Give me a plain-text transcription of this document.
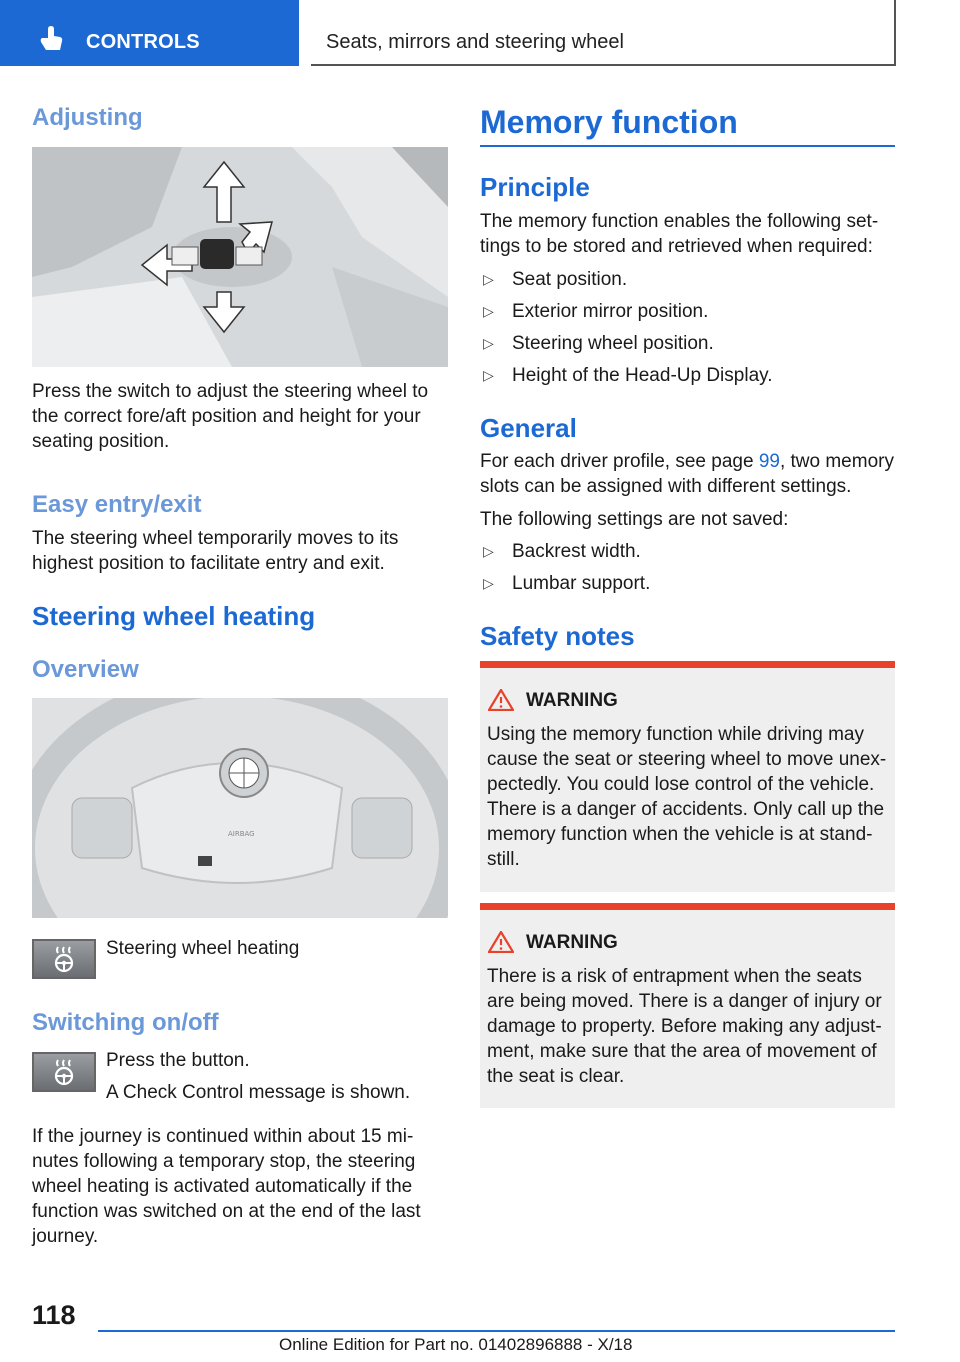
CONTROLS	Seats, mirrors and steering wheel
Adjusting
Press the switch to adjust the steering wheel to the correct fore/aft position and height for your seating position.
Easy entry/exit
The steering wheel temporarily moves to its highest position to facilitate entry and exit.
Steering wheel heating
Overview
AIRBAG
Steering wheel heating
Switching on/off
Press the button.
A Check Control message is shown.
If the journey is continued within about 15 mi‐ nutes following a temporary stop, the steering wheel heating is activated automatically if the function was switched on at the end of the last journey.
Memory function
Principle
The memory function enables the following set‐ tings to be stored and retrieved when required:
▷ Seat position.
▷ Exterior mirror position.
▷ Steering wheel position.
▷ Height of the Head-Up Display.
General
For each driver profile, see page 99, two memory slots can be assigned with different settings.
The following settings are not saved:
▷ Backrest width.
▷ Lumbar support.
Safety notes
WARNING
Using the memory function while driving may cause the seat or steering wheel to move unex‐ pectedly. You could lose control of the vehicle. There is a danger of accidents. Only call up the memory function when the vehicle is at stand‐ still.
WARNING
There is a risk of entrapment when the seats are being moved. There is a danger of injury or damage to property. Before making any adjust‐ ment, make sure that the area of movement of the seat is clear.
118
Online Edition for Part no. 01402896888 - X/18
